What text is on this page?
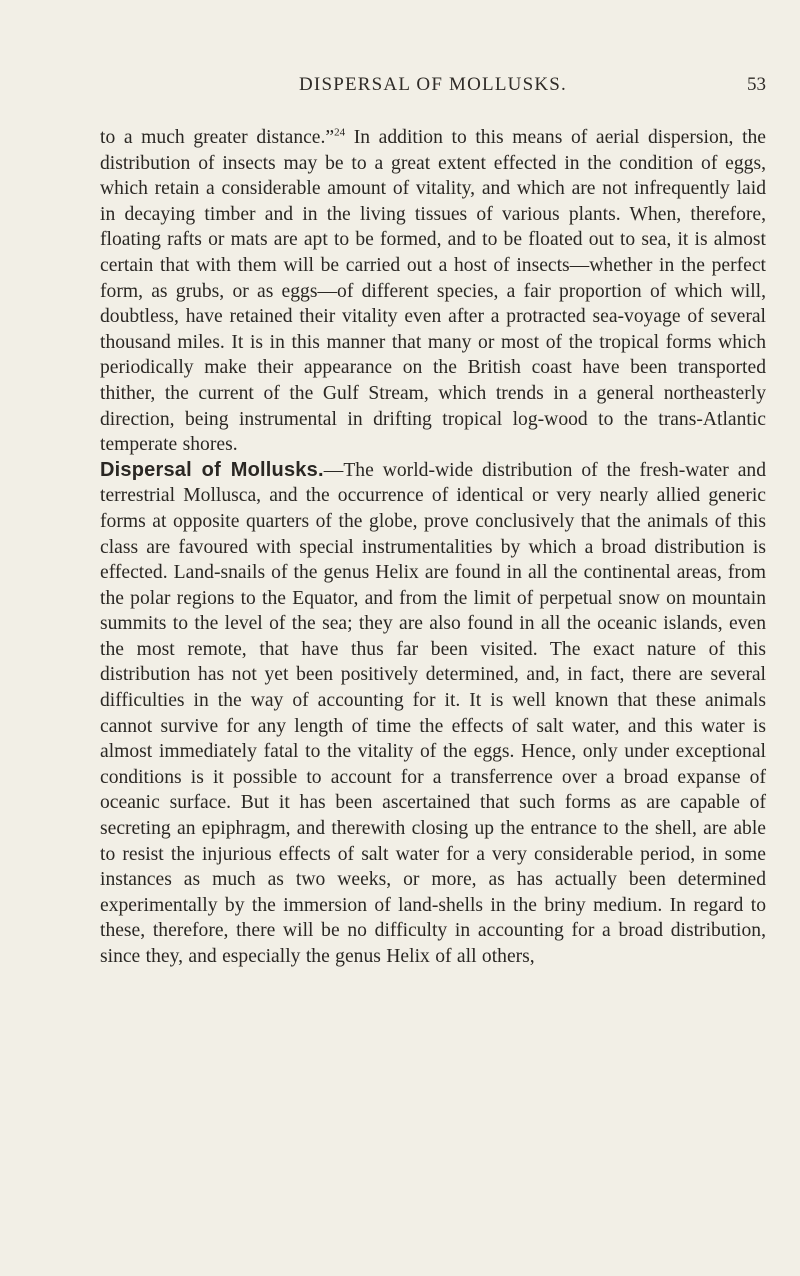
DISPERSAL OF MOLLUSKS.	53

to a much greater distance.”$^{24}$ In addition to this means of aerial dispersion, the distribution of insects may be to a great extent effected in the condition of eggs, which retain a considerable amount of vitality, and which are not infrequently laid in decaying timber and in the living tissues of various plants. When, therefore, floating rafts or mats are apt to be formed, and to be floated out to sea, it is almost certain that with them will be carried out a host of insects—whether in the perfect form, as grubs, or as eggs—of different species, a fair proportion of which will, doubtless, have retained their vitality even after a protracted sea-voyage of several thousand miles. It is in this manner that many or most of the tropical forms which periodically make their appearance on the British coast have been transported thither, the current of the Gulf Stream, which trends in a general northeasterly direction, being instrumental in drifting tropical log-wood to the trans-Atlantic temperate shores.

Dispersal of Mollusks.—The world-wide distribution of the fresh-water and terrestrial Mollusca, and the occurrence of identical or very nearly allied generic forms at opposite quarters of the globe, prove conclusively that the animals of this class are favoured with special instrumentalities by which a broad distribution is effected. Land-snails of the genus Helix are found in all the continental areas, from the polar regions to the Equator, and from the limit of perpetual snow on mountain summits to the level of the sea; they are also found in all the oceanic islands, even the most remote, that have thus far been visited. The exact nature of this distribution has not yet been positively determined, and, in fact, there are several difficulties in the way of accounting for it. It is well known that these animals cannot survive for any length of time the effects of salt water, and this water is almost immediately fatal to the vitality of the eggs. Hence, only under exceptional conditions is it possible to account for a transferrence over a broad expanse of oceanic surface. But it has been ascertained that such forms as are capable of secreting an epiphragm, and therewith closing up the entrance to the shell, are able to resist the injurious effects of salt water for a very considerable period, in some instances as much as two weeks, or more, as has actually been determined experimentally by the immersion of land-shells in the briny medium. In regard to these, therefore, there will be no difficulty in accounting for a broad distribution, since they, and especially the genus Helix of all others,
